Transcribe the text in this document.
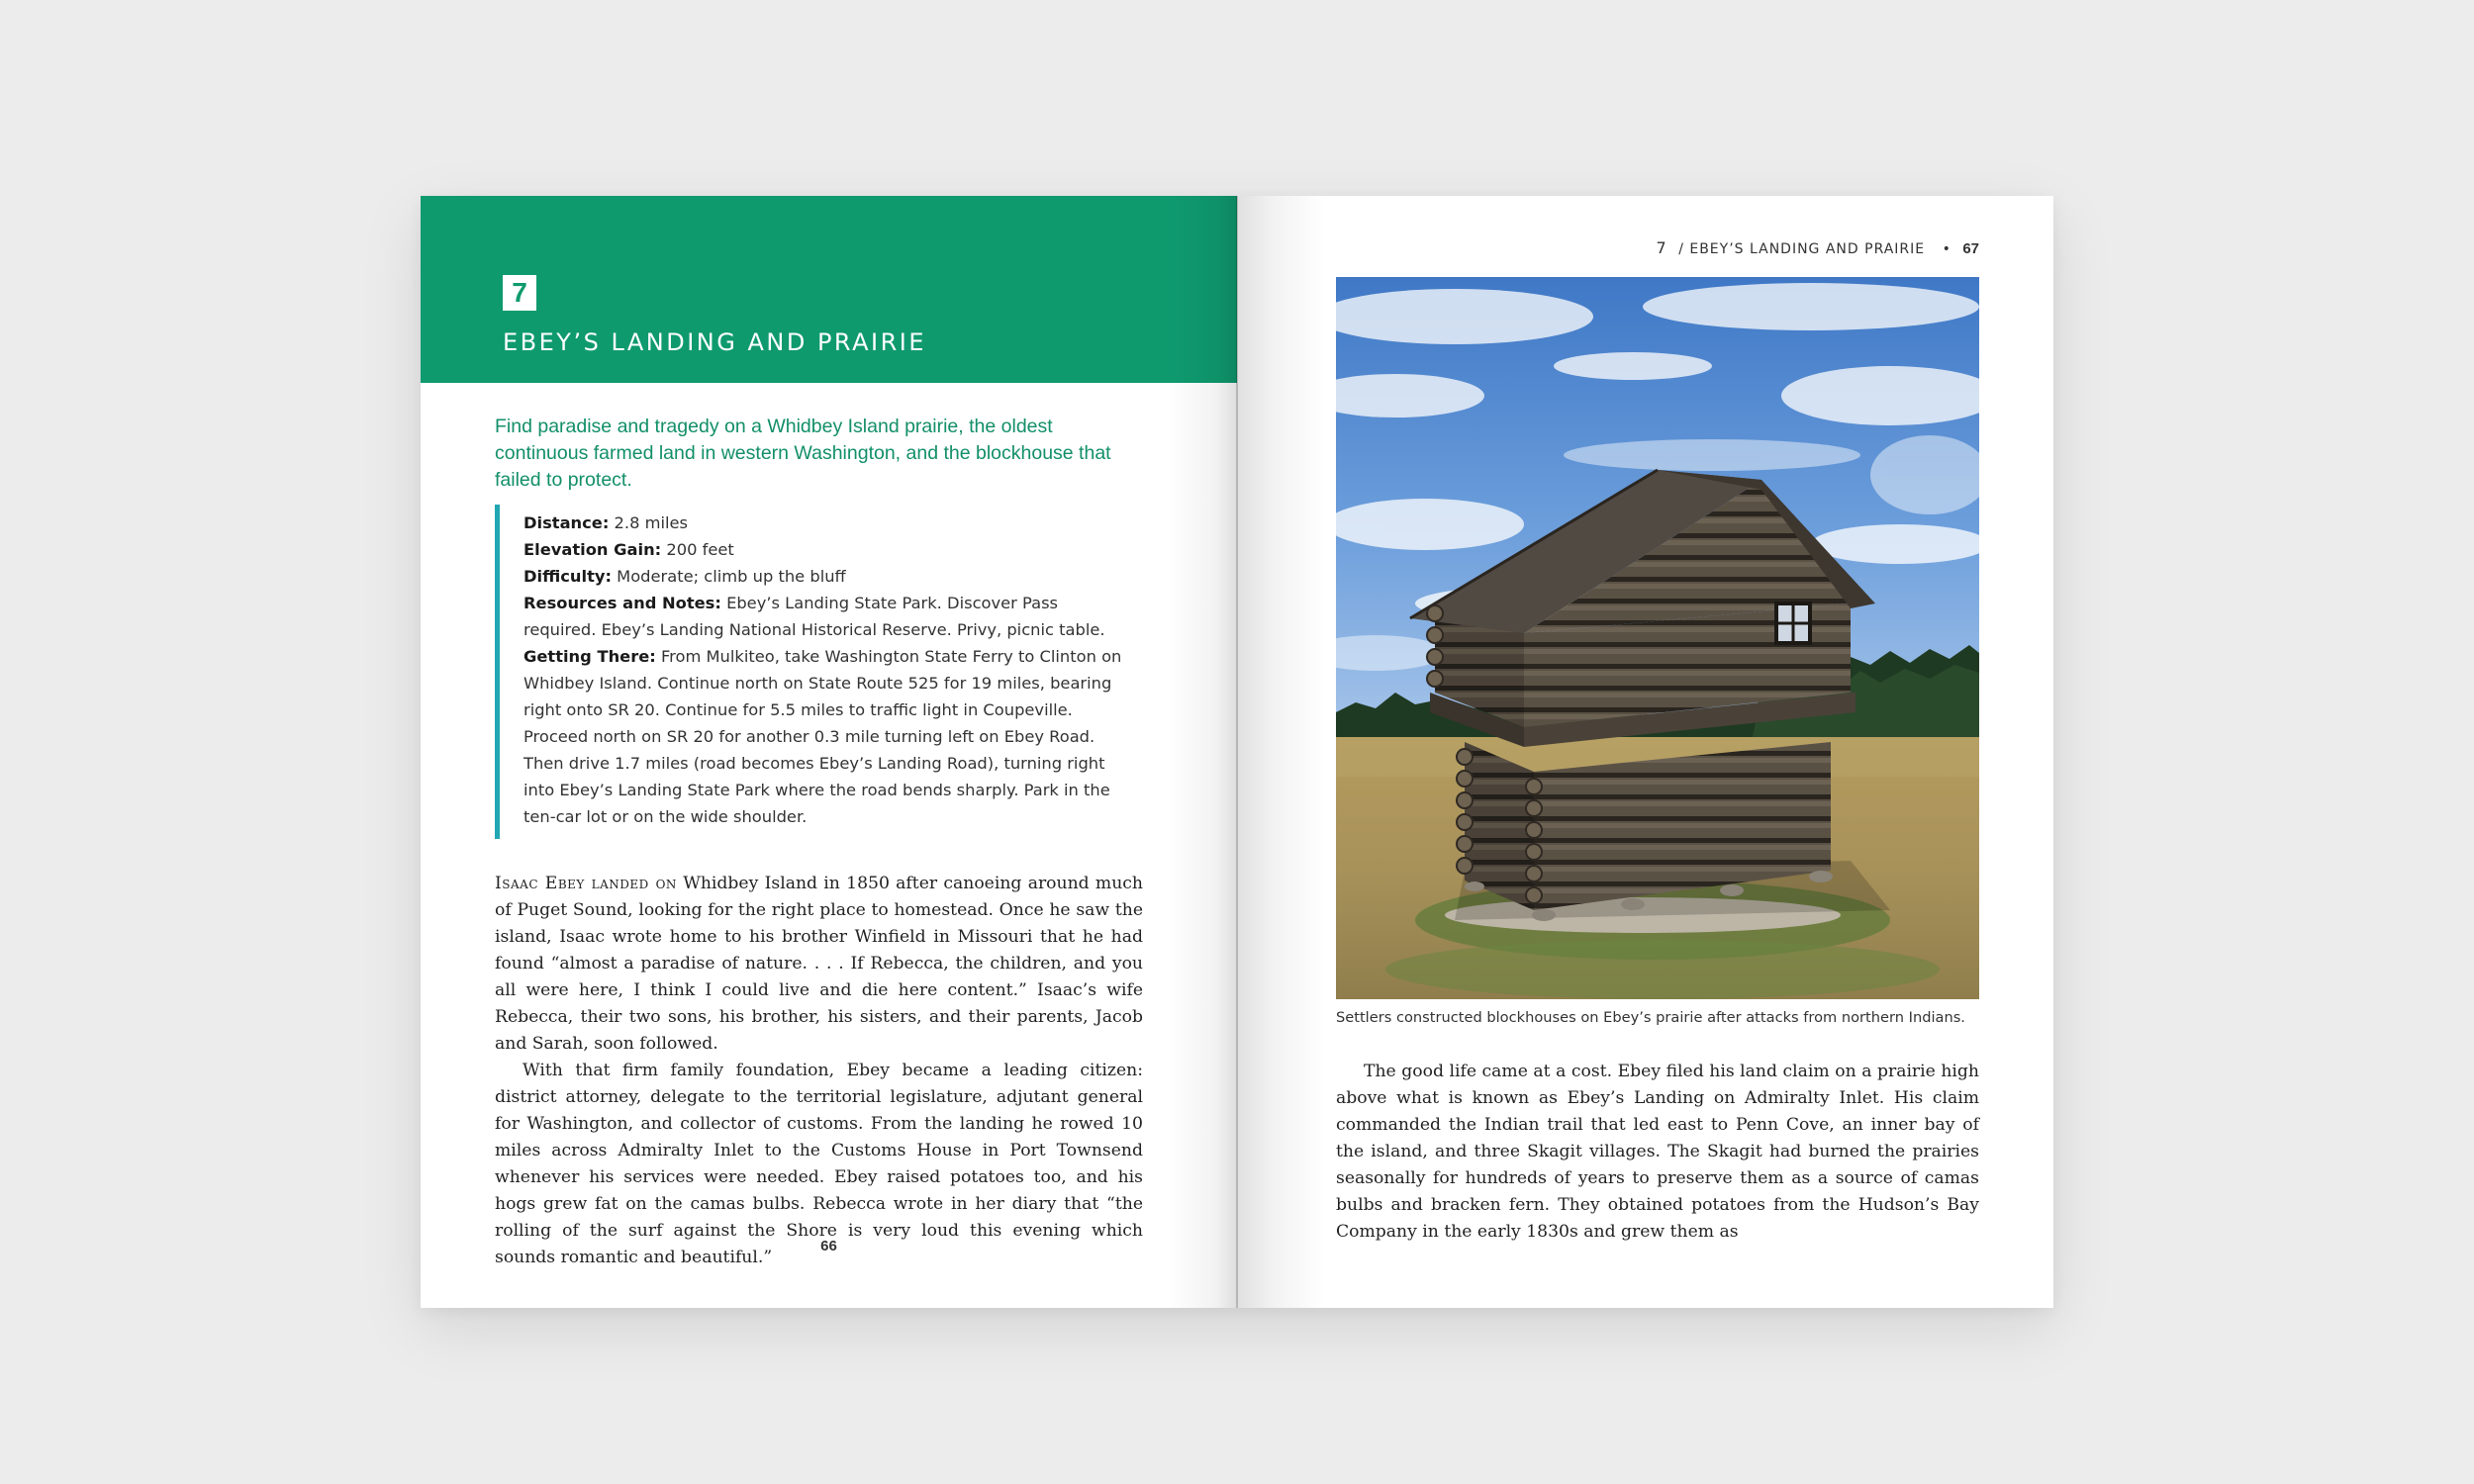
7
EBEY’S LANDING AND PRAIRIE
Find paradise and tragedy on a Whidbey Island prairie, the oldest continuous farmed land in western Washington, and the blockhouse that failed to protect.

Distance: 2.8 miles

Elevation Gain: 200 feet

Difficulty: Moderate; climb up the bluff

Resources and Notes: Ebey’s Landing State Park. Discover Pass required. Ebey’s Landing National Historical Reserve. Privy, picnic table.

Getting There: From Mulkiteo, take Washington State Ferry to Clinton on Whidbey Island. Continue north on State Route 525 for 19 miles, bearing right onto SR 20. Continue for 5.5 miles to traffic light in Coupeville. Proceed north on SR 20 for another 0.3 mile turning left on Ebey Road. Then drive 1.7 miles (road becomes Ebey’s Landing Road), turning right into Ebey’s Landing State Park where the road bends sharply. Park in the ten-car lot or on the wide shoulder.

Isaac Ebey landed on Whidbey Island in 1850 after canoeing around much of Puget Sound, looking for the right place to homestead. Once he saw the island, Isaac wrote home to his brother Winfield in Missouri that he had found “almost a paradise of nature. . . . If Rebecca, the children, and you all were here, I think I could live and die here content.” Isaac’s wife Rebecca, their two sons, his brother, his sisters, and their parents, Jacob and Sarah, soon followed.

With that firm family foundation, Ebey became a leading citizen: district attorney, delegate to the territorial legislature, adjutant general for Washington, and collector of customs. From the landing he rowed 10 miles across Admiralty Inlet to the Customs House in Port Townsend whenever his services were needed. Ebey raised potatoes too, and his hogs grew fat on the camas bulbs. Rebecca wrote in her diary that “the rolling of the surf against the Shore is very loud this evening which sounds romantic and beautiful.”

66
7 / EBEY’S LANDING AND PRAIRIE • 67
Settlers constructed blockhouses on Ebey’s prairie after attacks from northern Indians.

The good life came at a cost. Ebey filed his land claim on a prairie high above what is known as Ebey’s Landing on Admiralty Inlet. His claim commanded the Indian trail that led east to Penn Cove, an inner bay of the island, and three Skagit villages. The Skagit had burned the prairies seasonally for hundreds of years to preserve them as a source of camas bulbs and bracken fern. They obtained potatoes from the Hudson’s Bay Company in the early 1830s and grew them as
